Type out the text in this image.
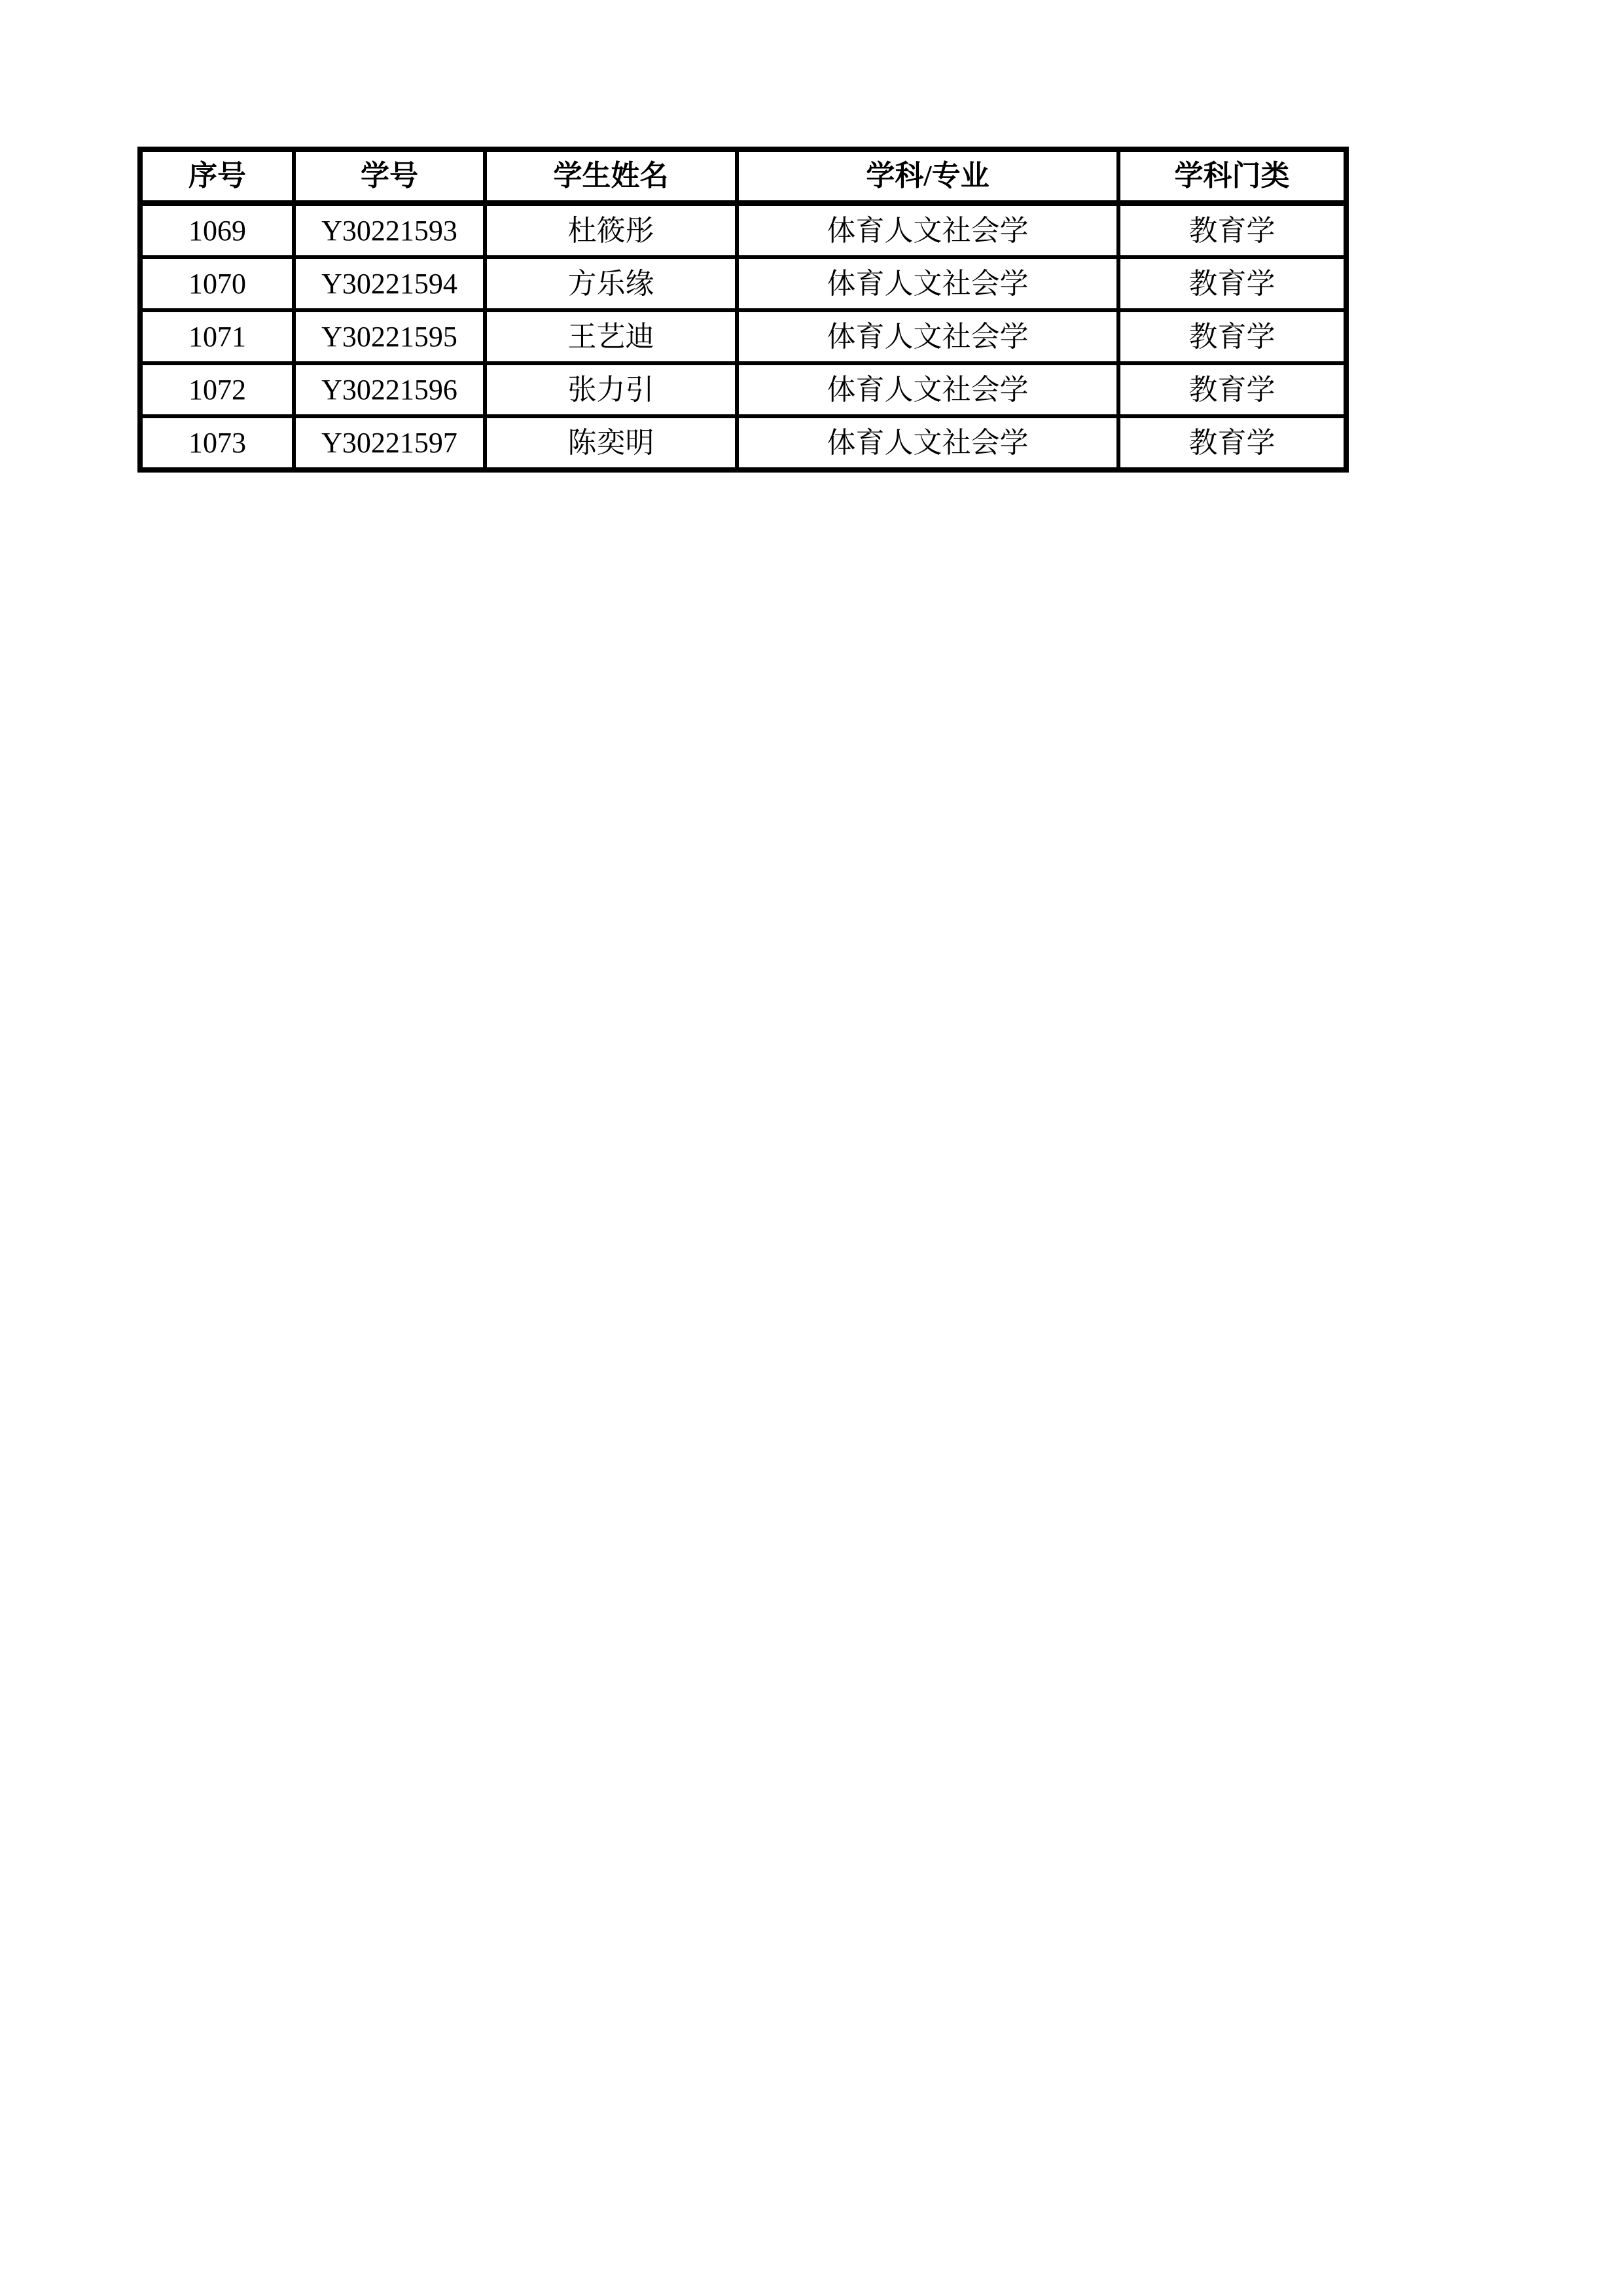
序号	学号	学生姓名	学科/专业	学科门类
1069	Y30221593	杜筱彤	体育人文社会学	教育学
1070	Y30221594	方乐缘	体育人文社会学	教育学
1071	Y30221595	王艺迪	体育人文社会学	教育学
1072	Y30221596	张力引	体育人文社会学	教育学
1073	Y30221597	陈奕明	体育人文社会学	教育学
